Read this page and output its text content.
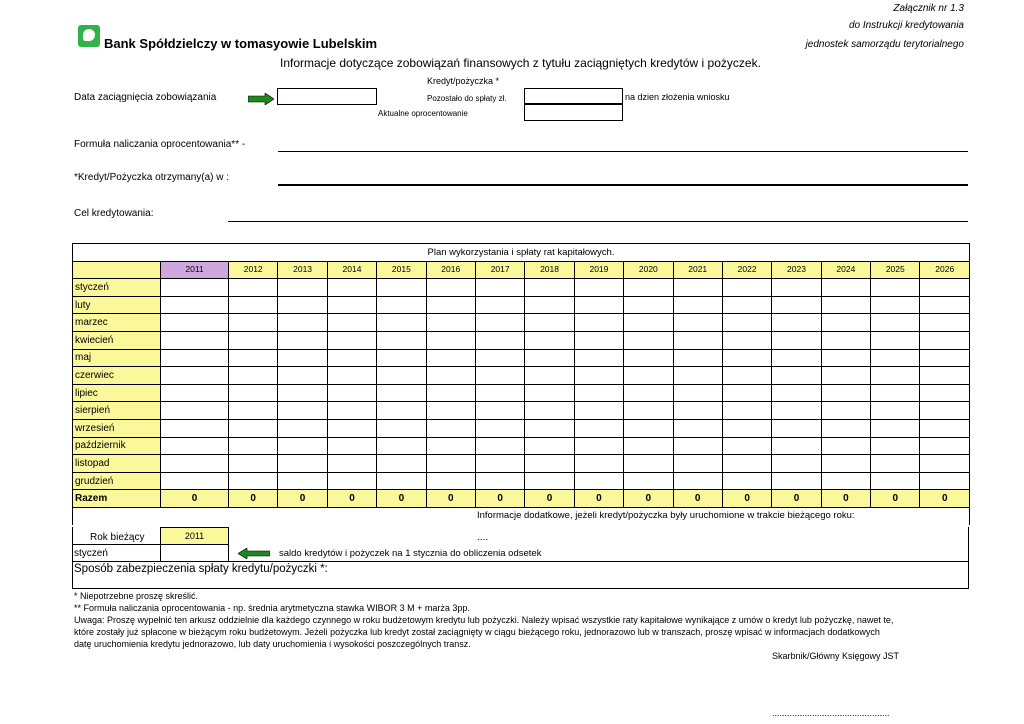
Załącznik nr 1.3
do Instrukcji kredytowania
jednostek samorządu terytorialnego
Bank Spółdzielczy w tomasyowie Lubelskim
Informacje dotyczące zobowiązań finansowych z tytułu zaciągniętych kredytów i pożyczek.
Kredyt/pożyczka *
Data zaciągnięcia zobowiązania	Pozostało do spłaty zł.	na dzien złożenia wniosku
Aktualne oprocentowanie
Formuła naliczania oprocentowania** -
*Kredyt/Pożyczka otrzymany(a) w :
Cel kredytowania:
Plan wykorzystania i spłaty rat kapitałowych.																
	2011	2012	2013	2014	2015	2016	2017	2018	2019	2020	2021	2022	2023	2024	2025	2026
styczeń																
luty																
marzec																
kwiecień																
maj																
czerwiec																
lipiec																
sierpień																
wrzesień																
październik																
listopad																
grudzień																
Razem	0	0	0	0	0	0	0	0	0	0	0	0	0	0	0	0

Informacje dodatkowe, jeżeli kredyt/pożyczka były uruchomione w trakcie bieżącego roku:																
....
Rok bieżący	2011
styczeń	saldo kredytów i pożyczek na 1 stycznia do obliczenia odsetek
Sposób zabezpieczenia spłaty kredytu/pożyczki *:
* Niepotrzebne proszę skreślić.
** Formuła naliczania oprocentowania - np. średnia arytmetyczna stawka WIBOR 3 M + marża 3pp.
Uwaga: Proszę wypełnić ten arkusz oddzielnie dla każdego czynnego w roku budżetowym kredytu lub pożyczki. Należy wpisać wszystkie raty kapitałowe wynikające z umów o kredyt lub pożyczkę, nawet te,
które zostały już spłacone w bieżącym roku budżetowym. Jeżeli pożyczka lub kredyt został zaciągnięty w ciągu bieżącego roku, jednorazowo lub w transzach, proszę wpisać w informacjach dodatkowych
datę uruchomienia kredytu jednorazowo, lub daty uruchomienia i wysokości poszczególnych transz.
Skarbnik/Główny Księgowy JST
...............................................
